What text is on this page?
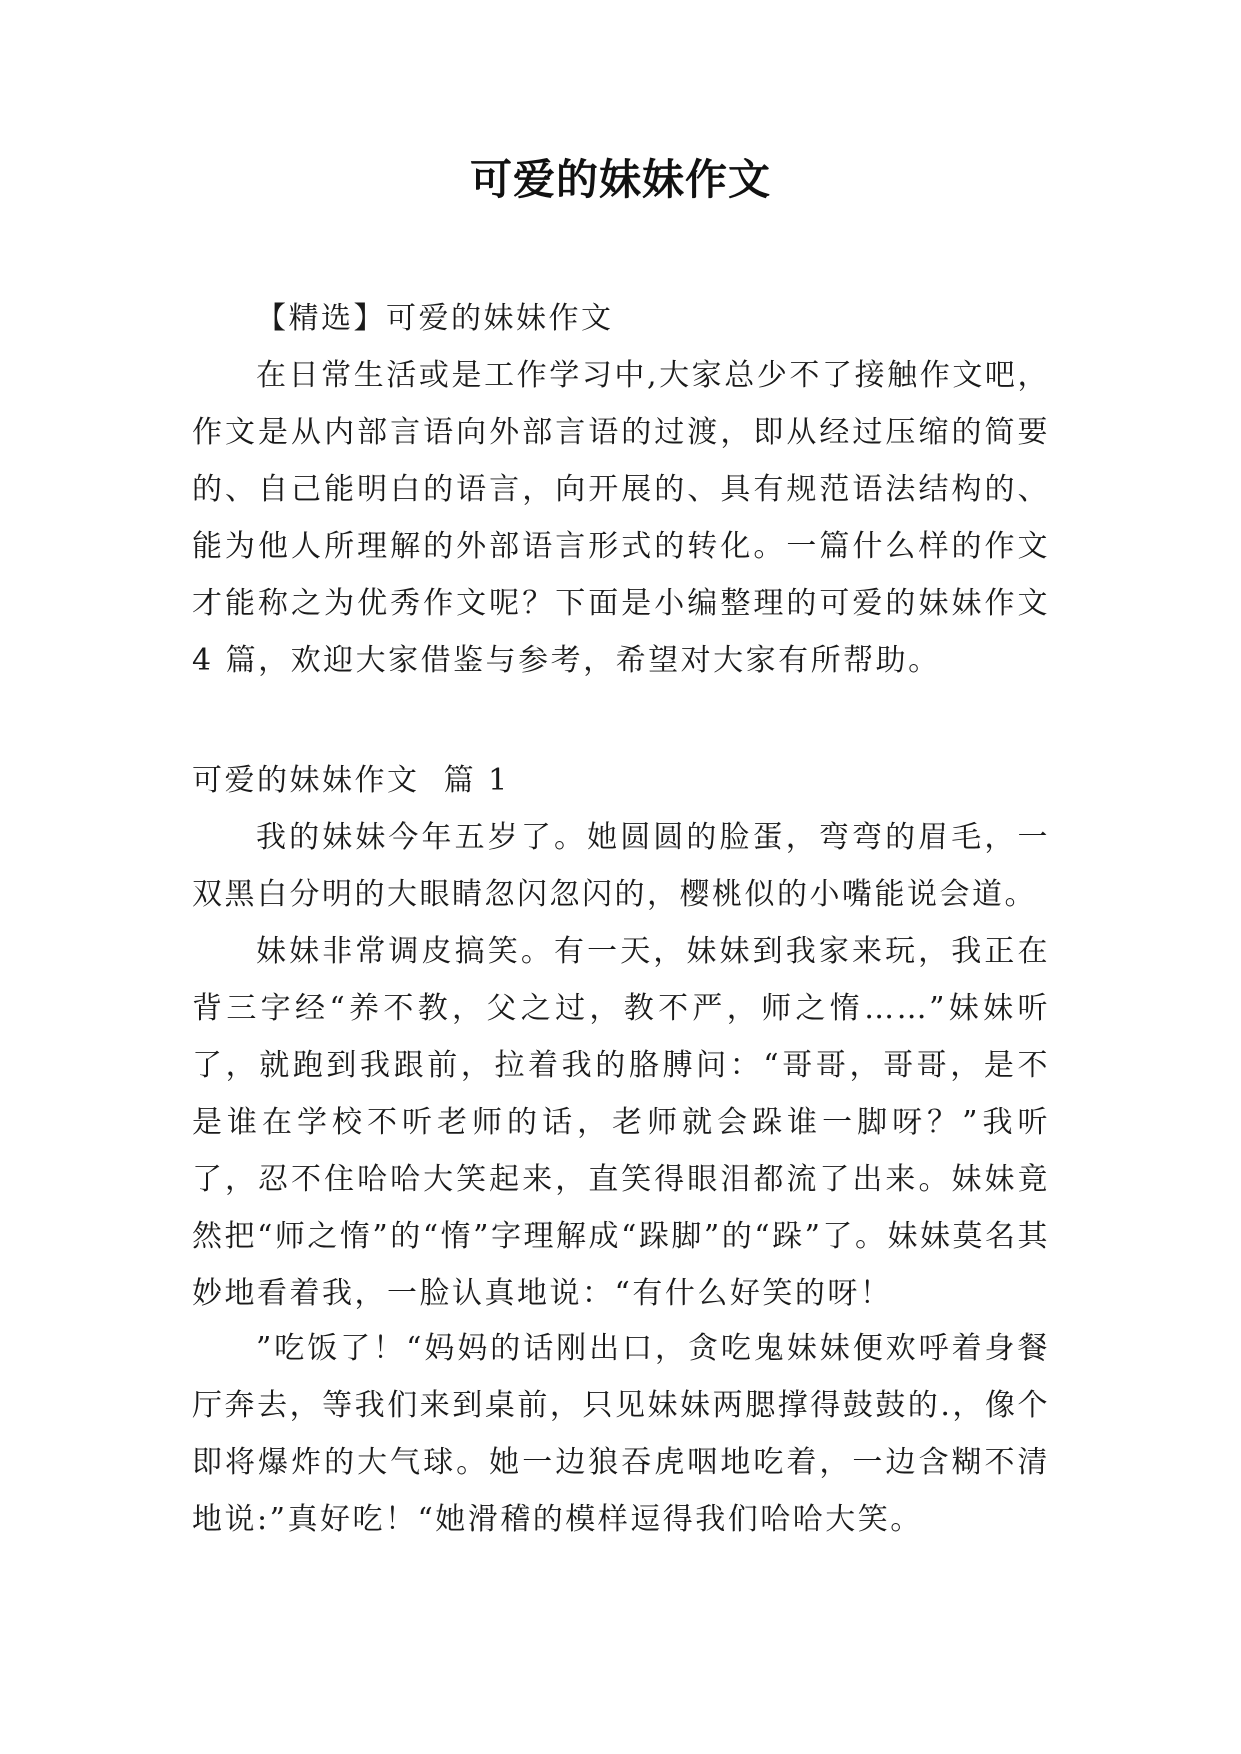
可爱的妹妹作文

【精选】可爱的妹妹作文

在日常生活或是工作学习中,大家总少不了接触作文吧，作文是从内部言语向外部言语的过渡，即从经过压缩的简要的、自己能明白的语言，向开展的、具有规范语法结构的、能为他人所理解的外部语言形式的转化。一篇什么样的作文才能称之为优秀作文呢？下面是小编整理的可爱的妹妹作文 4 篇，欢迎大家借鉴与参考，希望对大家有所帮助。

可爱的妹妹作文  篇 1

我的妹妹今年五岁了。她圆圆的脸蛋，弯弯的眉毛，一双黑白分明的大眼睛忽闪忽闪的，樱桃似的小嘴能说会道。

妹妹非常调皮搞笑。有一天，妹妹到我家来玩，我正在背三字经“养不教，父之过，教不严，师之惰……”妹妹听了，就跑到我跟前，拉着我的胳膊问：“哥哥，哥哥，是不是谁在学校不听老师的话，老师就会跺谁一脚呀？”我听了，忍不住哈哈大笑起来，直笑得眼泪都流了出来。妹妹竟然把“师之惰”的“惰”字理解成“跺脚”的“跺”了。妹妹莫名其妙地看着我，一脸认真地说：“有什么好笑的呀！

”吃饭了！“妈妈的话刚出口，贪吃鬼妹妹便欢呼着身餐厅奔去，等我们来到桌前，只见妹妹两腮撑得鼓鼓的.，像个即将爆炸的大气球。她一边狼吞虎咽地吃着，一边含糊不清地说:”真好吃！“她滑稽的模样逗得我们哈哈大笑。
